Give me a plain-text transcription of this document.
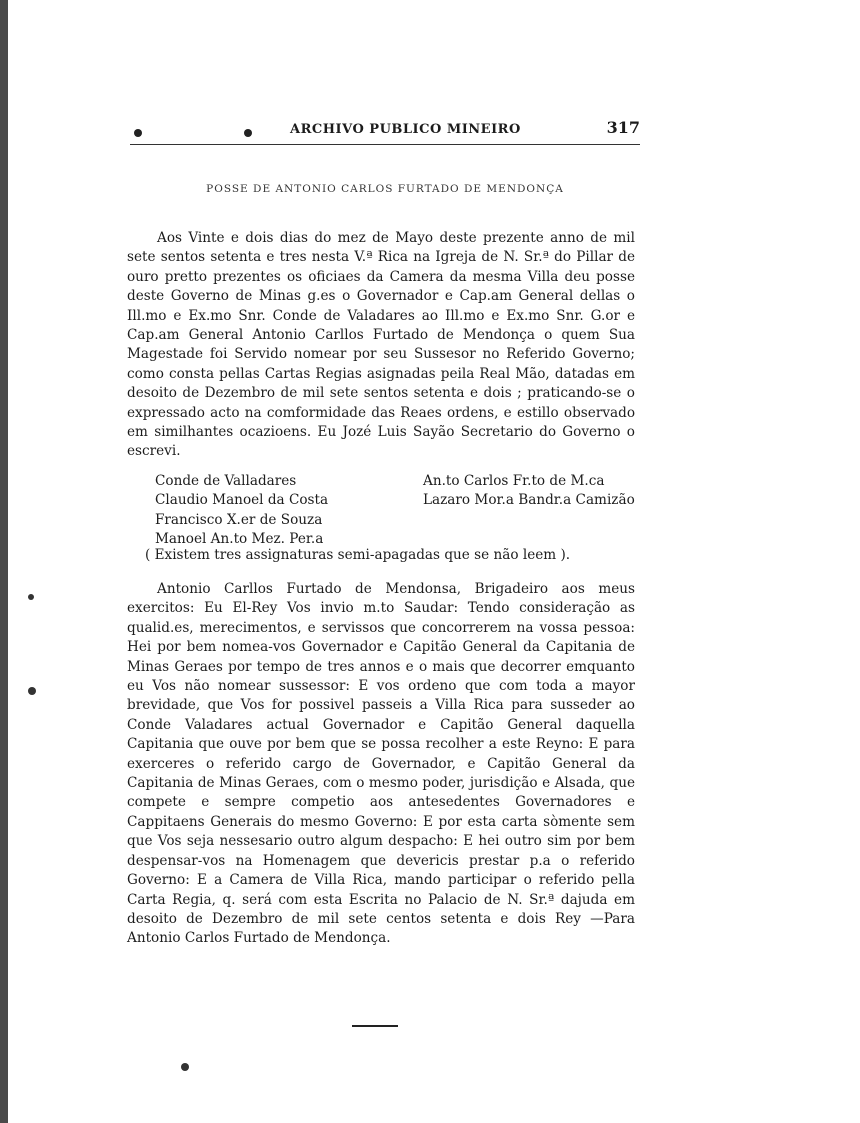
ARCHIVO PUBLICO MINEIRO	317
POSSE DE ANTONIO CARLOS FURTADO DE MENDONÇA

Aos Vinte e dois dias do mez de Mayo deste prezente anno de mil sete sentos setenta e tres nesta V.ª Rica na Igreja de N. Sr.ª do Pillar de ouro pretto prezentes os oficiaes da Camera da mesma Villa deu posse deste Governo de Minas g.es o Governador e Cap.am General dellas o Ill.mo e Ex.mo Snr. Conde de Valadares ao Ill.mo e Ex.mo Snr. G.or e Cap.am General Antonio Carllos Furtado de Mendonça o quem Sua Magestade foi Servido nomear por seu Sussesor no Referido Governo; como consta pellas Cartas Regias asignadas peila Real Mão, datadas em desoito de Dezembro de mil sete sentos setenta e dois ; praticando-se o expressado acto na comformidade das Reaes ordens, e estillo observado em similhantes ocazioens. Eu Jozé Luis Sayão Secretario do Governo o escrevi.

Conde de Valladares
Claudio Manoel da Costa
Francisco X.er de Souza
Manoel An.to Mez. Per.a
An.to Carlos Fr.to de M.ca
Lazaro Mor.a Bandr.a Camizão
( Existem tres assignaturas semi-apagadas que se não leem ).

Antonio Carllos Furtado de Mendonsa, Brigadeiro aos meus exercitos: Eu El-Rey Vos invio m.to Saudar: Tendo consideração as qualid.es, merecimentos, e servissos que concorrerem na vossa pessoa: Hei por bem nomea-vos Governador e Capitão General da Capitania de Minas Geraes por tempo de tres annos e o mais que decorrer emquanto eu Vos não nomear sussessor: E vos ordeno que com toda a mayor brevidade, que Vos for possivel passeis a Villa Rica para susseder ao Conde Valadares actual Governador e Capitão General daquella Capitania que ouve por bem que se possa recolher a este Reyno: E para exerceres o referido cargo de Governador, e Capitão General da Capitania de Minas Geraes, com o mesmo poder, jurisdição e Alsada, que compete e sempre competio aos antesedentes Governadores e Cappitaens Generais do mesmo Governo: E por esta carta sòmente sem que Vos seja nessesario outro algum despacho: E hei outro sim por bem despensar-vos na Homenagem que devericis prestar p.a o referido Governo: E a Camera de Villa Rica, mando participar o referido pella Carta Regia, q. será com esta Escrita no Palacio de N. Sr.ª dajuda em desoito de Dezembro de mil sete centos setenta e dois Rey —Para Antonio Carlos Furtado de Mendonça.
